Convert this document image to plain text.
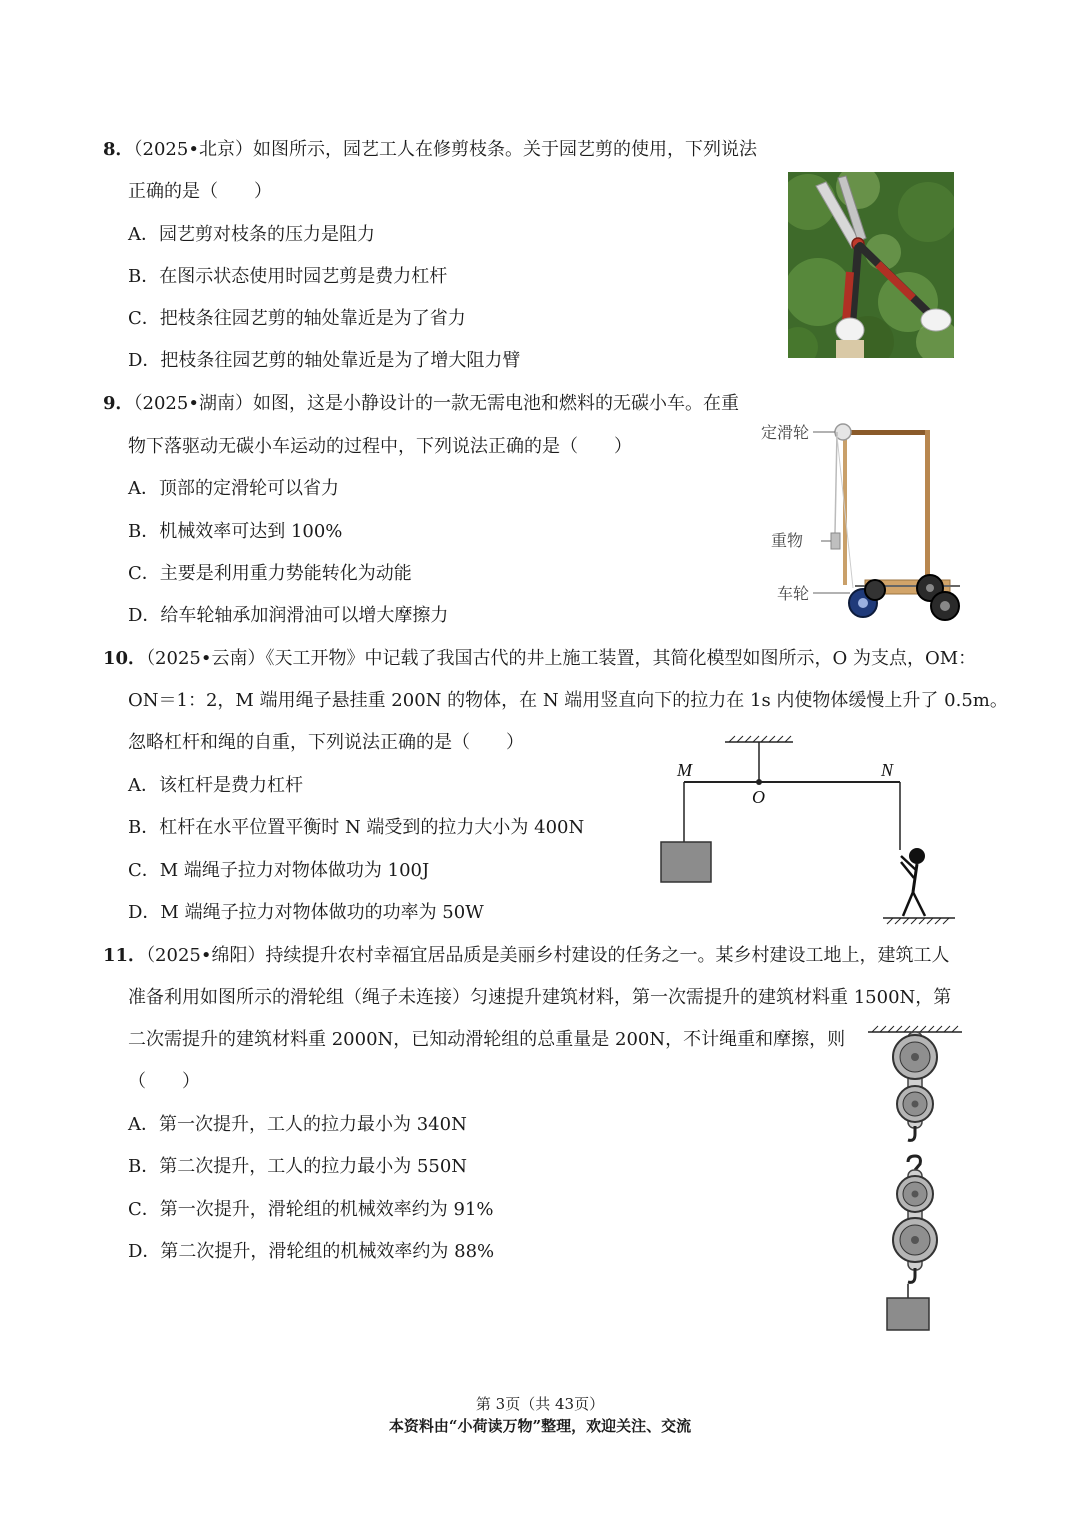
8．（2025•北京）如图所示，园艺工人在修剪枝条。关于园艺剪的使用，下列说法
正确的是（　　）
A．园艺剪对枝条的压力是阻力
B．在图示状态使用时园艺剪是费力杠杆
C．把枝条往园艺剪的轴处靠近是为了省力
D．把枝条往园艺剪的轴处靠近是为了增大阻力臂
9．（2025•湖南）如图，这是小静设计的一款无需电池和燃料的无碳小车。在重
物下落驱动无碳小车运动的过程中，下列说法正确的是（　　）
A．顶部的定滑轮可以省力
B．机械效率可达到 100%
C．主要是利用重力势能转化为动能
D．给车轮轴承加润滑油可以增大摩擦力
定滑轮
重物
车轮
10．（2025•云南）《天工开物》中记载了我国古代的井上施工装置，其简化模型如图所示，O 为支点，OM：
ON＝1：2，M 端用绳子悬挂重 200N 的物体，在 N 端用竖直向下的拉力在 1s 内使物体缓慢上升了 0.5m。
忽略杠杆和绳的自重，下列说法正确的是（　　）
A．该杠杆是费力杠杆
B．杠杆在水平位置平衡时 N 端受到的拉力大小为 400N
C．M 端绳子拉力对物体做功为 100J
D．M 端绳子拉力对物体做功的功率为 50W
M	N
O
11．（2025•绵阳）持续提升农村幸福宜居品质是美丽乡村建设的任务之一。某乡村建设工地上，建筑工人
准备利用如图所示的滑轮组（绳子未连接）匀速提升建筑材料，第一次需提升的建筑材料重 1500N，第
二次需提升的建筑材料重 2000N，已知动滑轮组的总重量是 200N，不计绳重和摩擦，则
（　　）
A．第一次提升，工人的拉力最小为 340N
B．第二次提升，工人的拉力最小为 550N
C．第一次提升，滑轮组的机械效率约为 91%
D．第二次提升，滑轮组的机械效率约为 88%
第 3页（共 43页）
本资料由“小荷读万物”整理，欢迎关注、交流
